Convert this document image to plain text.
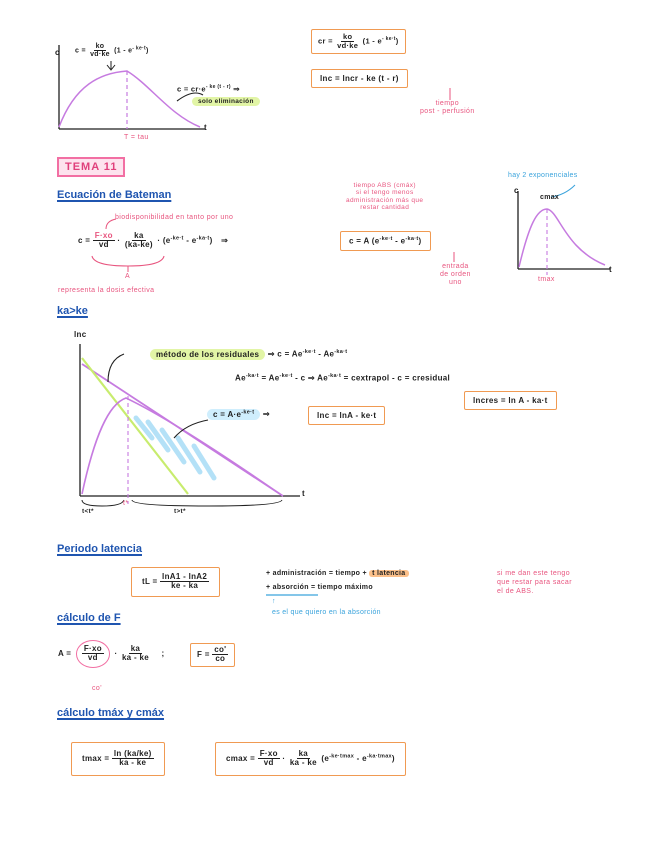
c
t
$c = \frac{ko}{vd\cdot ke} (1 - e^{- ke\cdot t})$
$c = cr\cdot e^{- ke (t - r)}$ ⇒
solo eliminación
T = tau
cr = $\frac{ko}{vd\cdot ke} (1 - e^{- ke\cdot t})$
lnc = lncr - ke (t - r)
tiempo
post - perfusión
TEMA 11
Ecuación de Bateman
biodisponibilidad en tanto por uno
$c = \frac{F\cdot xo}{vd} \cdot \frac{ka}{(ka-ke)} \cdot (e^{-ke\cdot t} - e^{-ka\cdot t})$ ⇒
A
representa la dosis efectiva
c = A $(e^{-ke\cdot t} - e^{-ka\cdot t})$
tiempo ABS (cmáx)
si el tengo menos
administración más que
restar cantidad
entrada
de orden
uno
hay 2 exponenciales
c
t
cmax
tmax
ka>ke
lnc
t
método de los residuales ⇒ $c = Ae^{-ke\cdot t} - Ae^{-ka\cdot t}$
$Ae^{-ka\cdot t} = Ae^{-ke\cdot t} - c$ ⇒ $Ae^{-ka\cdot t}$ = cextrapol - c = cresidual
lncres = ln A - ka·t
$c = A\cdot e^{-ke\cdot t}$ ⇒	lnc = lnA - ke·t
t<t*
t*
t>t*
Periodo latencia
tL = $\frac{\ln A1 - \ln A2}{ke - ka}$	+ administración = tiempo + t latencia
+ absorción = tiempo máximo
↑
es el que quiero en la absorción
si me dan este tengo
que restar para sacar
el de ABS.
cálculo de F
$A = \frac{F\cdot xo}{vd} \cdot \frac{ka}{ka - ke}$ ;	$F = \frac{co'}{co}$
co'
cálculo tmáx y cmáx
$tmax = \frac{\ln (ka/ke)}{ka - ke}$	$cmax = \frac{F\cdot xo}{vd} \cdot \frac{ka}{ka - ke} (e^{-ke\cdot tmax} - e^{-ka\cdot tmax})$
